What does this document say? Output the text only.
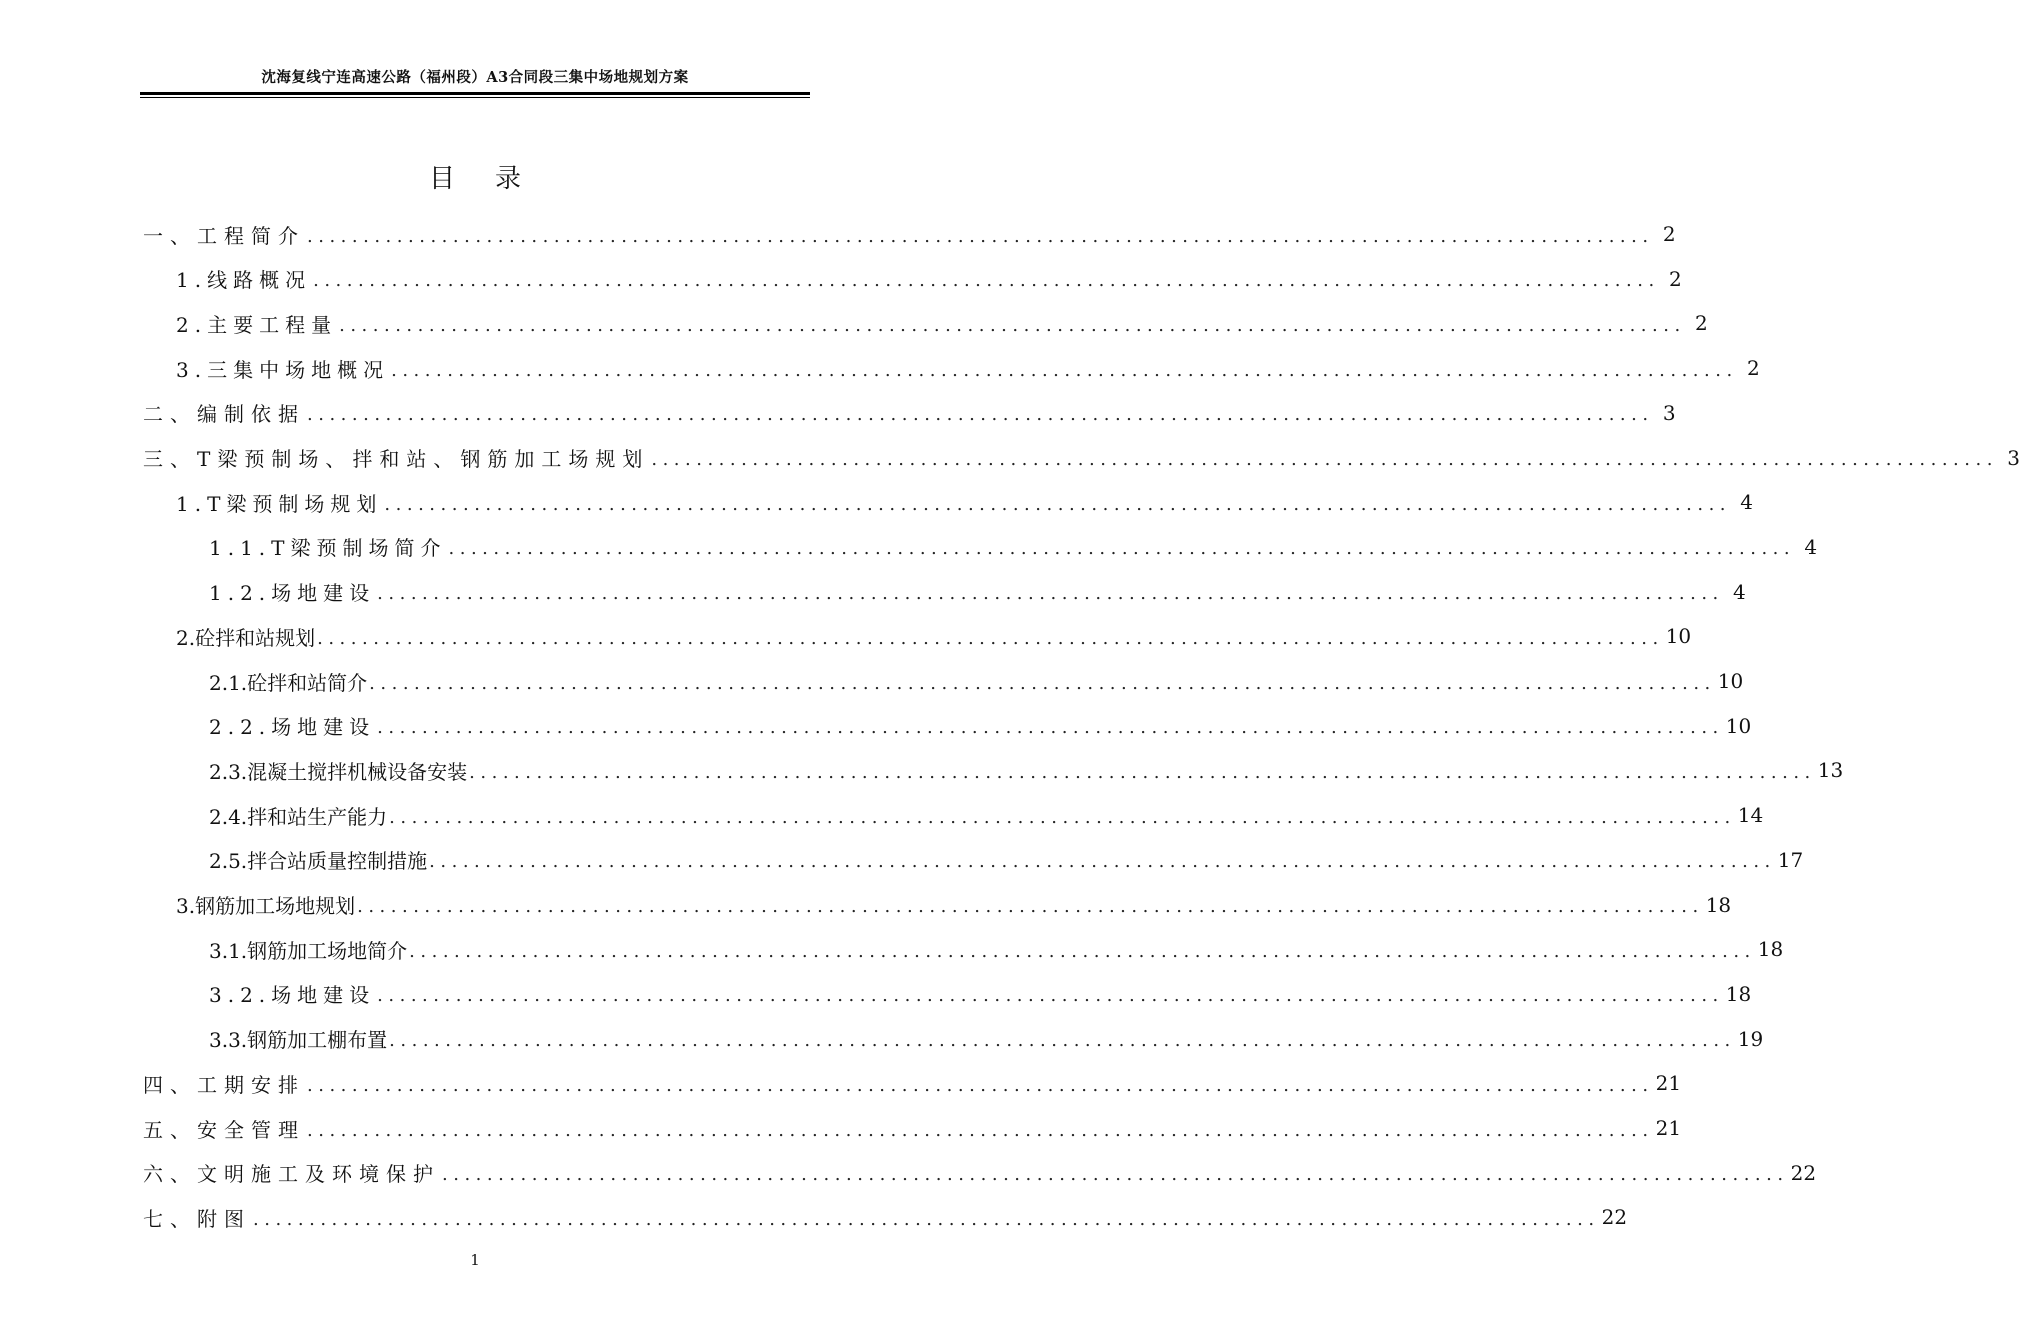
沈海复线宁连高速公路（福州段）A3合同段三集中场地规划方案
目 录
一、工程简介 ........................................................................................................................ 2
1.线路概况 ........................................................................................................................ 2
2.主要工程量 ........................................................................................................................ 2
3.三集中场地概况 ........................................................................................................................ 2
二、编制依据 ........................................................................................................................ 3
三、T梁预制场、拌和站、钢筋加工场规划 ........................................................................................................................ 3
1.T梁预制场规划 ........................................................................................................................ 4
1.1.T梁预制场简介 ........................................................................................................................ 4
1.2.场地建设 ........................................................................................................................ 4
2.砼拌和站规划 ........................................................................................................................ 10
2.1.砼拌和站简介 ........................................................................................................................ 10
2.2.场地建设 ........................................................................................................................ 10
2.3.混凝土搅拌机械设备安装 ........................................................................................................................ 13
2.4.拌和站生产能力 ........................................................................................................................ 14
2.5.拌合站质量控制措施 ........................................................................................................................ 17
3.钢筋加工场地规划 ........................................................................................................................ 18
3.1.钢筋加工场地简介 ........................................................................................................................ 18
3.2.场地建设 ........................................................................................................................ 18
3.3.钢筋加工棚布置 ........................................................................................................................ 19
四、工期安排 ........................................................................................................................ 21
五、安全管理 ........................................................................................................................ 21
六、文明施工及环境保护 ........................................................................................................................ 22
七、附图 ........................................................................................................................ 22
1
